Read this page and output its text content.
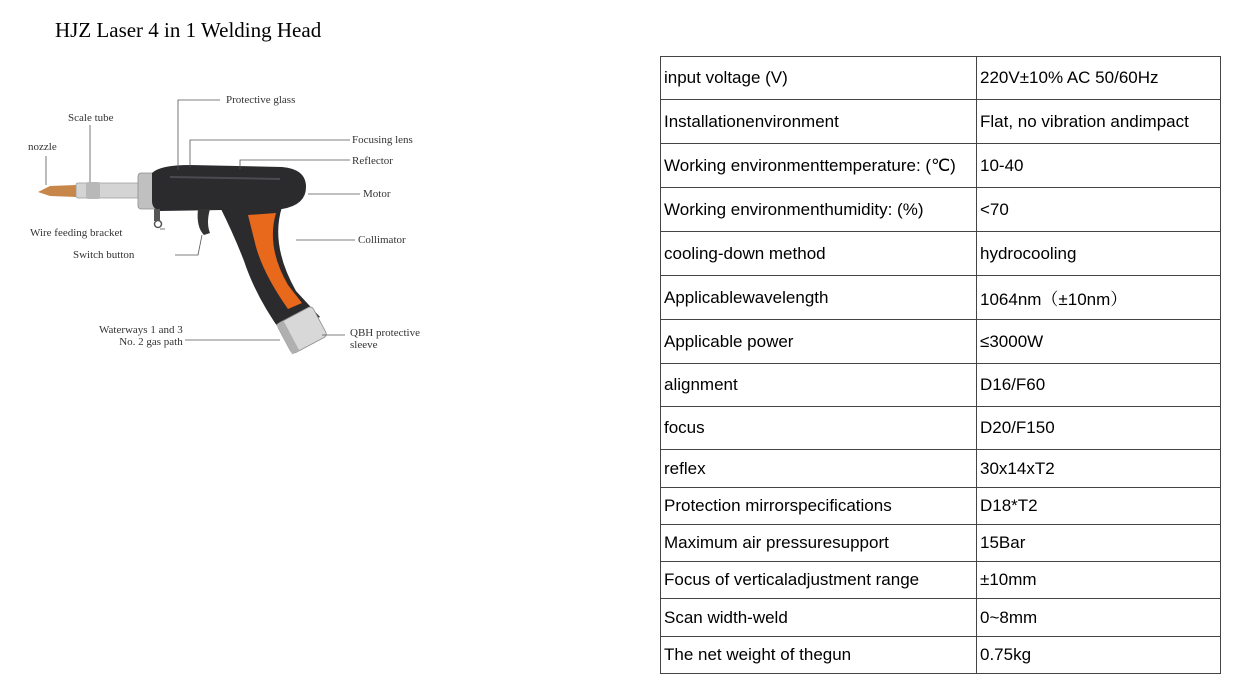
HJZ Laser 4 in 1 Welding Head
nozzle
Scale tube
Protective glass
Focusing lens
Reflector
Motor
Wire feeding bracket
Switch button
Collimator
Waterways 1 and 3
No. 2 gas path
QBH protective
sleeve
input voltage (V)	220V±10% AC 50/60Hz
Installationenvironment	Flat, no vibration andimpact
Working environmenttemperature: (℃)	10-40
Working environmenthumidity: (%)	<70
cooling-down method	hydrocooling
Applicablewavelength	1064nm（±10nm）
Applicable power	≤3000W
alignment	D16/F60
focus	D20/F150
reflex	30x14xT2
Protection mirrorspecifications	D18*T2
Maximum air pressuresupport	15Bar
Focus of verticaladjustment range	±10mm
Scan width-weld	0~8mm
The net weight of thegun	0.75kg
